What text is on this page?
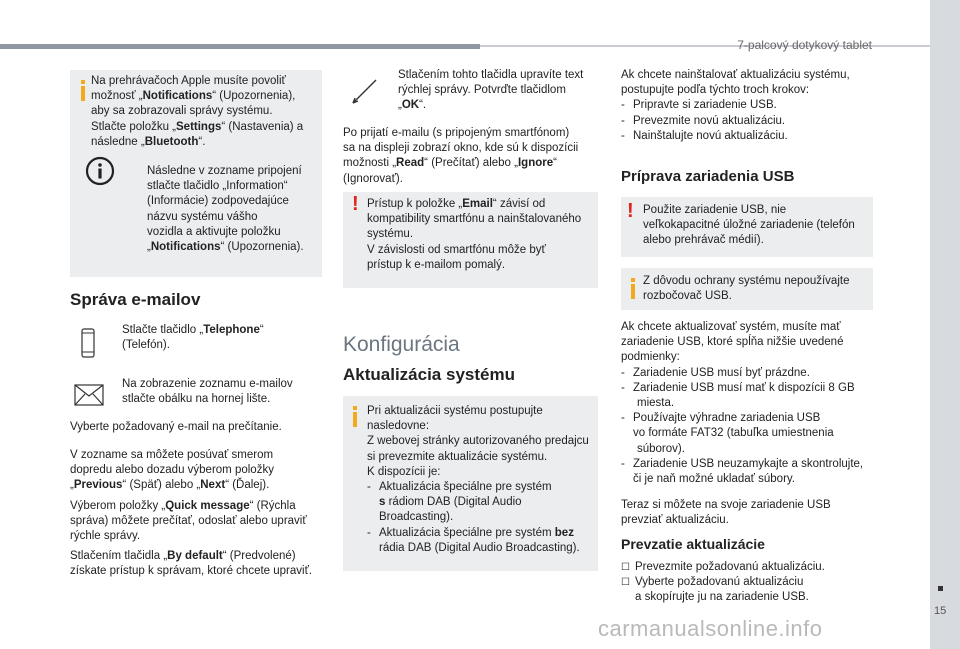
7-palcový dotykový tablet
15
carmanualsonline.info
Na prehrávačoch Apple musíte povoliť
možnosť „Notifications“ (Upozornenia),
aby sa zobrazovali správy systému.
Stlačte položku „Settings“ (Nastavenia) a
následne „Bluetooth“.
Následne v zozname pripojení
stlačte tlačidlo „Information“
(Informácie) zodpovedajúce
názvu systému vášho
vozidla a aktivujte položku
„Notifications“ (Upozornenia).
Správa e-mailov
Stlačte tlačidlo „Telephone“
(Telefón).
Na zobrazenie zoznamu e-mailov
stlačte obálku na hornej lište.
Vyberte požadovaný e-mail na prečítanie.
V zozname sa môžete posúvať smerom
dopredu alebo dozadu výberom položky
„Previous“ (Späť) alebo „Next“ (Ďalej).
Výberom položky „Quick message“ (Rýchla
správa) môžete prečítať, odoslať alebo upraviť
rýchle správy.
Stlačením tlačidla „By default“ (Predvolené)
získate prístup k správam, ktoré chcete upraviť.
Stlačením tohto tlačidla upravíte text
rýchlej správy. Potvrďte tlačidlom
„OK“.
Po prijatí e-mailu (s pripojeným smartfónom)
sa na displeji zobrazí okno, kde sú k dispozícii
možnosti „Read“ (Prečítať) alebo „Ignore“
(Ignorovať).
! Prístup k položke „Email“ závisí od
kompatibility smartfónu a nainštalovaného
systému.
V závislosti od smartfónu môže byť
prístup k e-mailom pomalý.
Konfigurácia
Aktualizácia systému
Pri aktualizácii systému postupujte
nasledovne:
Z webovej stránky autorizovaného predajcu
si prevezmite aktualizácie systému.
K dispozícii je:
- Aktualizácia špeciálne pre systém
s rádiom DAB (Digital Audio
Broadcasting).
- Aktualizácia špeciálne pre systém bez
rádia DAB (Digital Audio Broadcasting).
Ak chcete nainštalovať aktualizáciu systému,
postupujte podľa týchto troch krokov:
- Pripravte si zariadenie USB.
- Prevezmite novú aktualizáciu.
- Nainštalujte novú aktualizáciu.
Príprava zariadenia USB
! Použite zariadenie USB, nie
veľkokapacitné úložné zariadenie (telefón
alebo prehrávač médií).
Z dôvodu ochrany systému nepoužívajte
rozbočovač USB.
Ak chcete aktualizovať systém, musíte mať
zariadenie USB, ktoré spĺňa nižšie uvedené
podmienky:
- Zariadenie USB musí byť prázdne.
- Zariadenie USB musí mať k dispozícii 8 GB
miesta.
- Používajte výhradne zariadenia USB
vo formáte FAT32 (tabuľka umiestnenia
súborov).
- Zariadenie USB neuzamykajte a skontrolujte,
či je naň možné ukladať súbory.
Teraz si môžete na svoje zariadenie USB
prevziať aktualizáciu.
Prevzatie aktualizácie
☐ Prevezmite požadovanú aktualizáciu.
☐ Vyberte požadovanú aktualizáciu
a skopírujte ju na zariadenie USB.
